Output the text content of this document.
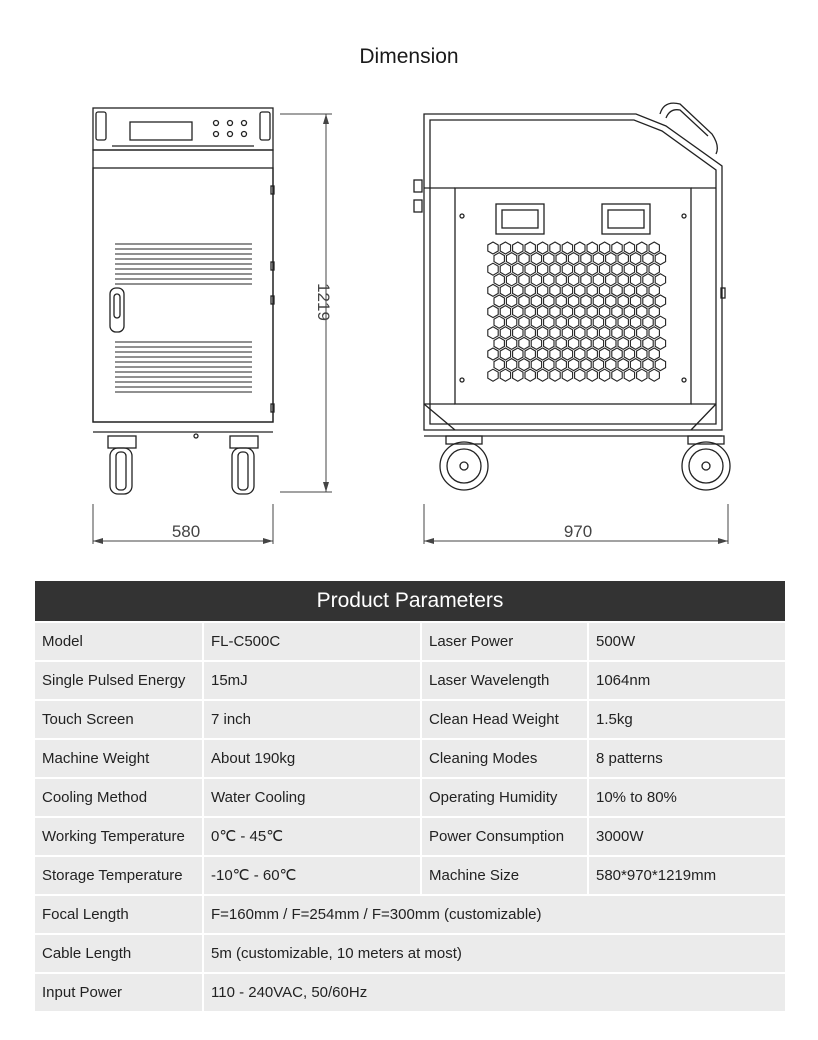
Dimension
580	970
1219
Product Parameters
Model	FL-C500C	Laser Power	500W
Single Pulsed Energy	15mJ	Laser Wavelength	1064nm
Touch Screen	7 inch	Clean Head Weight	1.5kg
Machine Weight	About 190kg	Cleaning Modes	8 patterns
Cooling Method	Water Cooling	Operating Humidity	10% to 80%
Working Temperature	0℃ - 45℃	Power Consumption	3000W
Storage Temperature	-10℃ - 60℃	Machine Size	580*970*1219mm
Focal Length	F=160mm / F=254mm / F=300mm (customizable)
Cable Length	5m (customizable, 10 meters at most)
Input Power	110 - 240VAC, 50/60Hz
